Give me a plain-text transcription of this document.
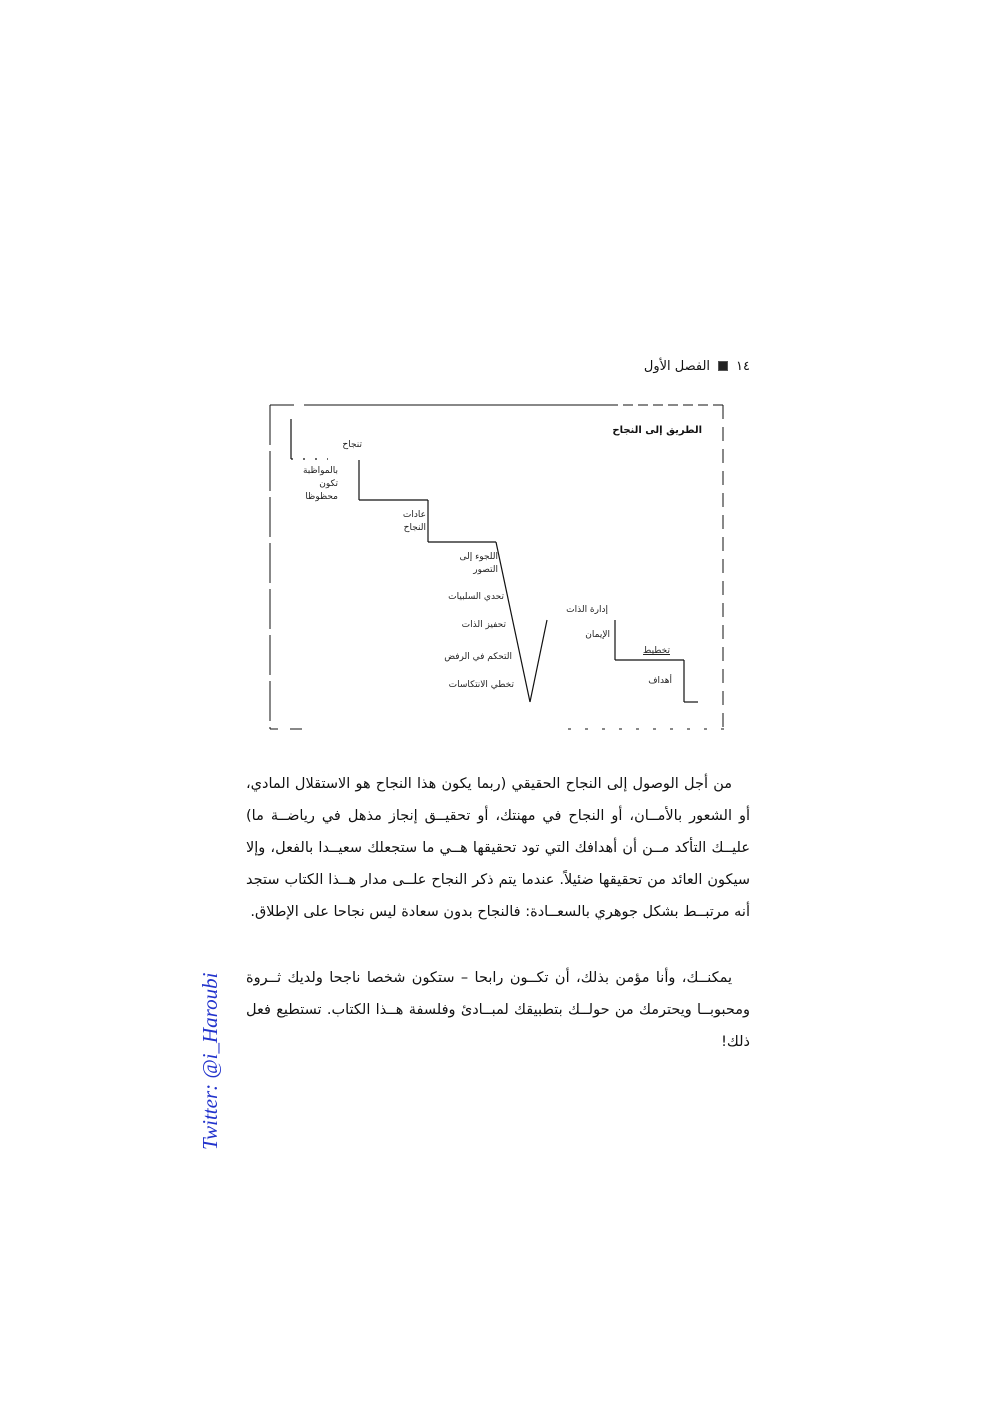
١٤
الفصل الأول
الطريق إلى النجاح
تنجاح
بالمواظبة تكون محظوظا
عادات النجاح
اللجوء إلى التصور
تحدي السلبيات
تحفيز الذات
التحكم في الرفض
تخطي الانتكاسات
إدارة الذات
الإيمان
تخطيط
أهداف

من أجل الوصول إلى النجاح الحقيقي (ربما يكون هذا النجاح هو الاستقلال المادي، أو الشعور بالأمــان، أو النجاح في مهنتك، أو تحقيــق إنجاز مذهل في رياضــة ما) عليــك التأكد مــن أن أهدافك التي تود تحقيقها هــي ما ستجعلك سعيــدا بالفعل، وإلا سيكون العائد من تحقيقها ضئيلاً. عندما يتم ذكر النجاح علــى مدار هــذا الكتاب ستجد أنه مرتبــط بشكل جوهري بالسعــادة: فالنجاح بدون سعادة ليس نجاحا على الإطلاق.

يمكنــك، وأنا مؤمن بذلك، أن تكــون رابحا – ستكون شخصا ناجحا ولديك ثــروة ومحبوبــا ويحترمك من حولــك بتطبيقك لمبــادئ وفلسفة هــذا الكتاب. تستطيع فعل ذلك!

Twitter: @i_Haroubi
